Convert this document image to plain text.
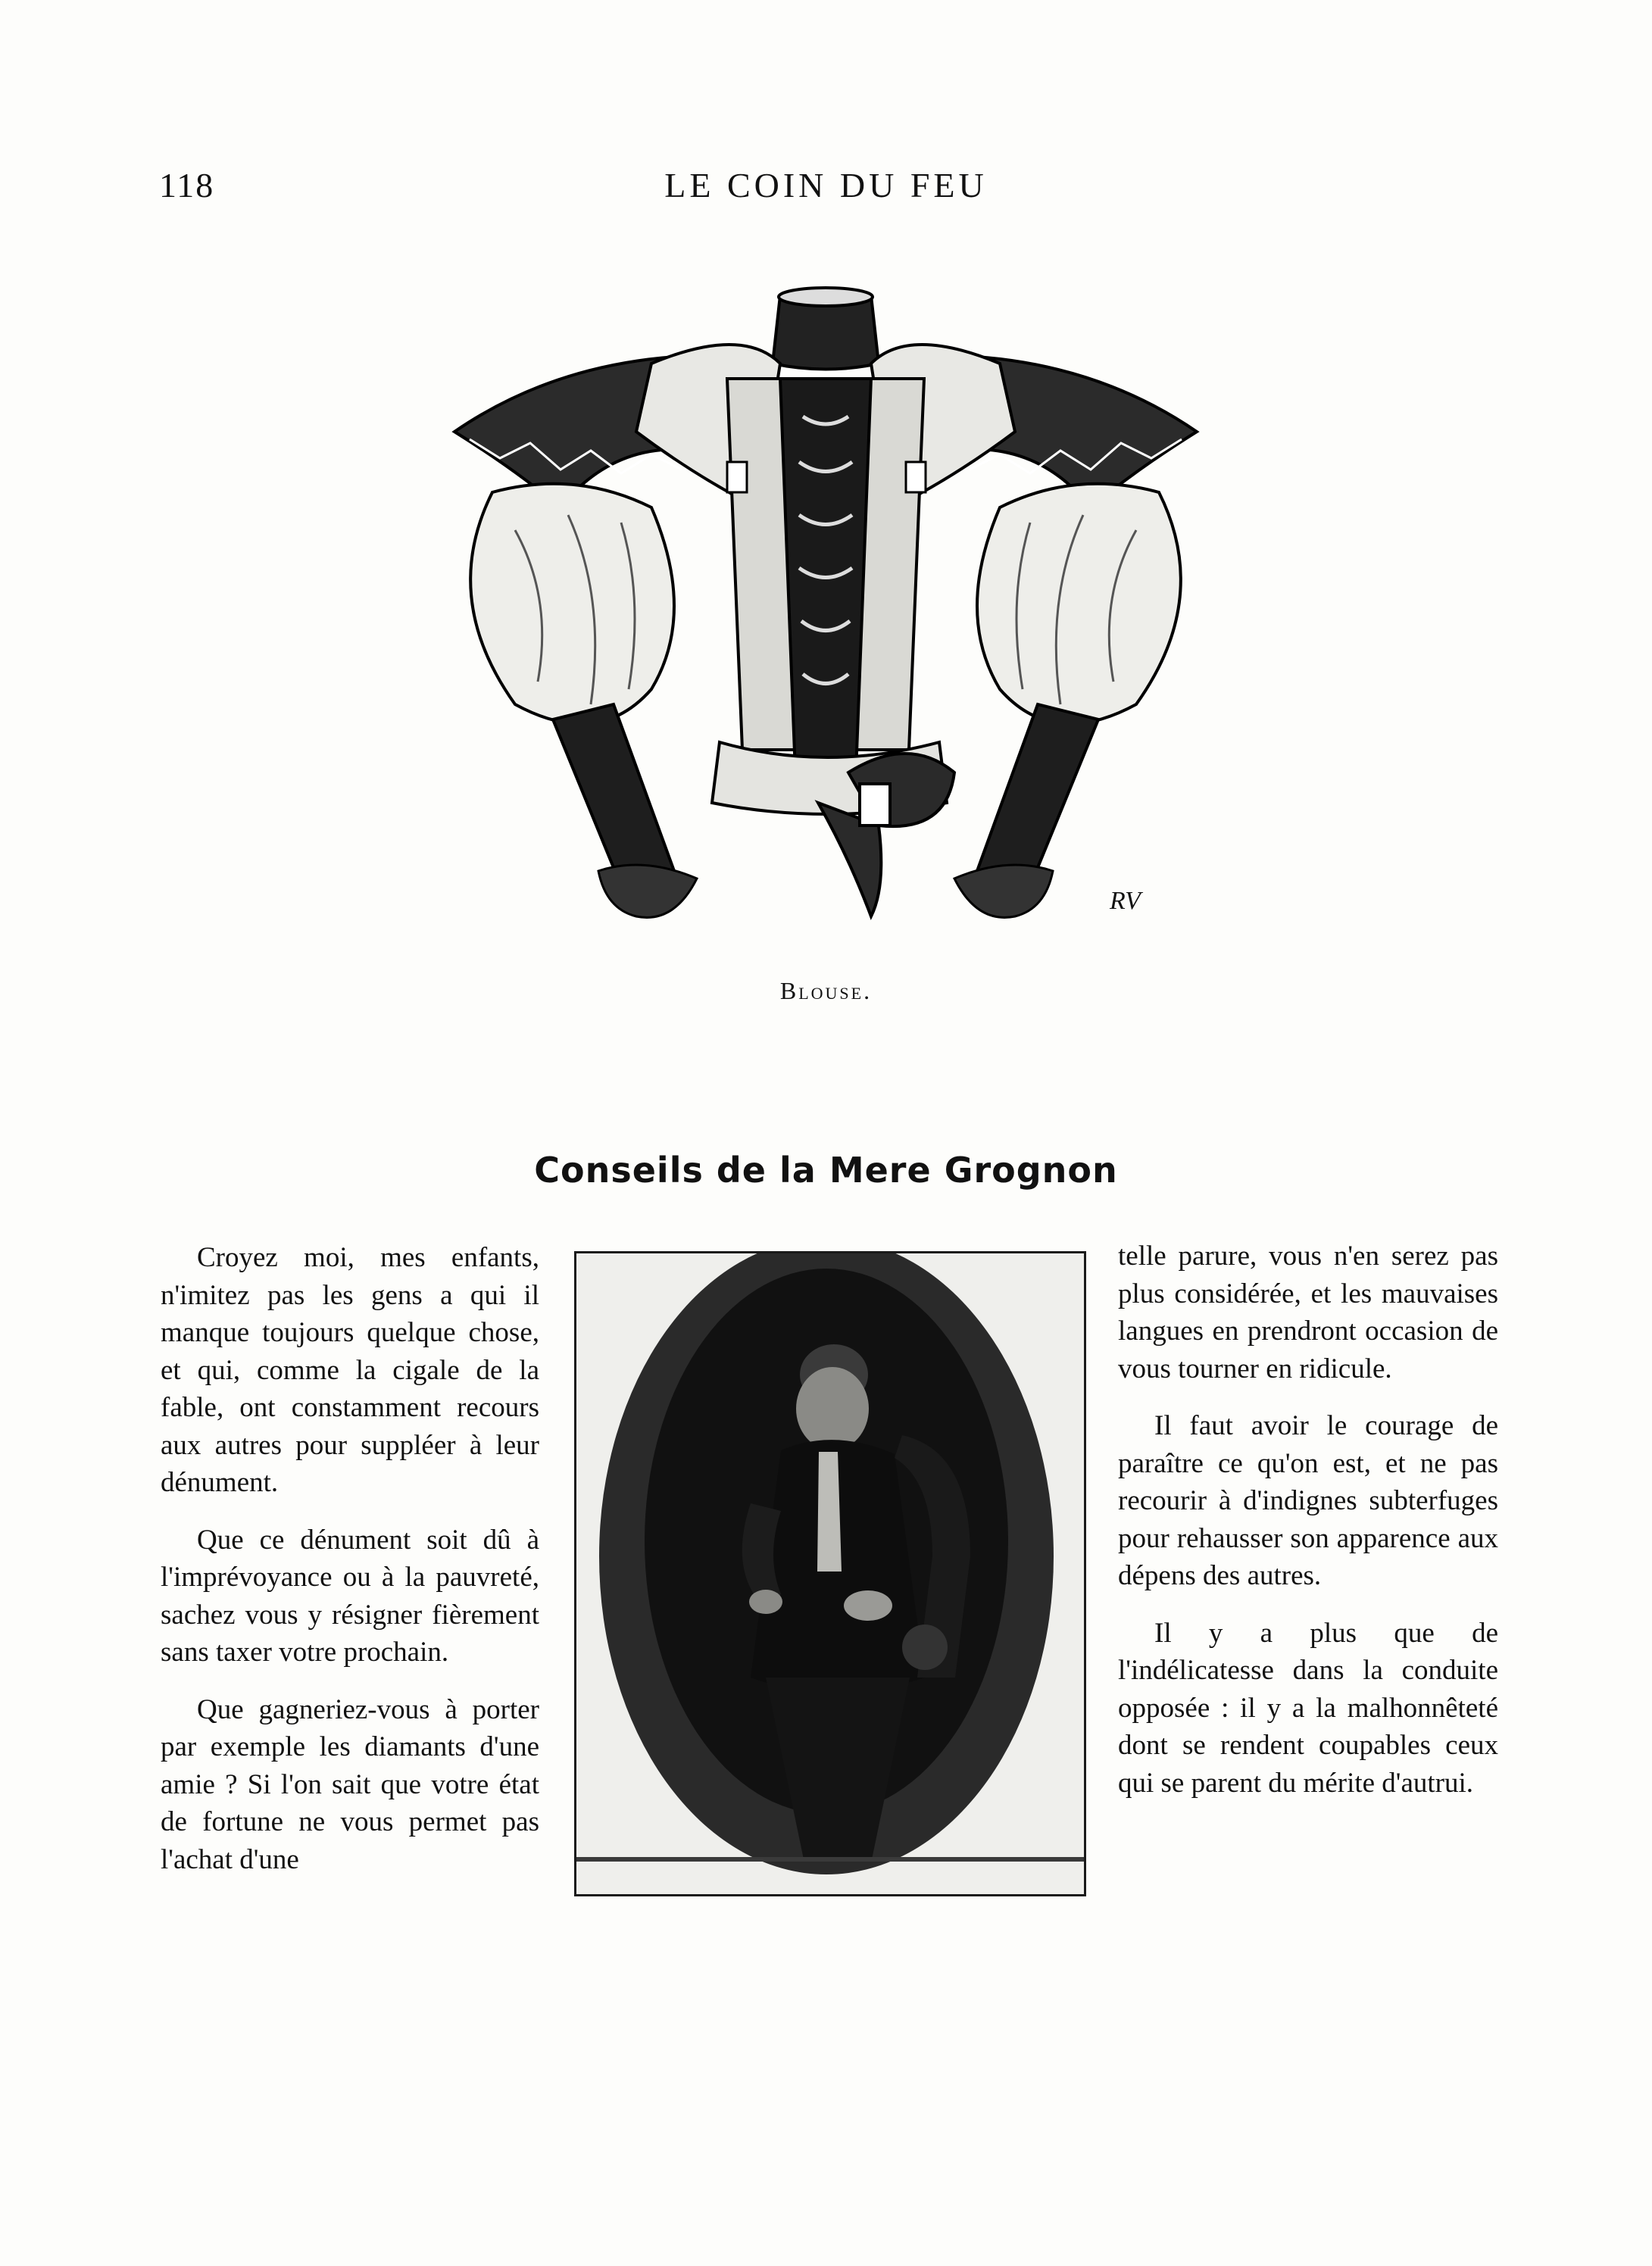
118	LE COIN DU FEU
RV
Blouse.
Conseils de la Mere Grognon

Croyez moi, mes enfants, n'imitez pas les gens a qui il manque toujours quelque chose, et qui, comme la cigale de la fable, ont constamment recours aux autres pour suppléer à leur dénument.

Que ce dénument soit dû à l'imprévoyance ou à la pauvreté, sachez vous y résigner fièrement sans taxer votre prochain.

Que gagneriez-vous à porter par exemple les diamants d'une amie ? Si l'on sait que votre état de fortune ne vous permet pas l'achat d'une

telle parure, vous n'en serez pas plus considérée, et les mauvaises langues en prendront occasion de vous tourner en ridicule.

Il faut avoir le courage de paraître ce qu'on est, et ne pas recourir à d'indignes subterfuges pour rehausser son apparence aux dépens des autres.

Il y a plus que de l'indélicatesse dans la conduite opposée : il y a la malhonnêteté dont se rendent coupables ceux qui se parent du mérite d'autrui.
